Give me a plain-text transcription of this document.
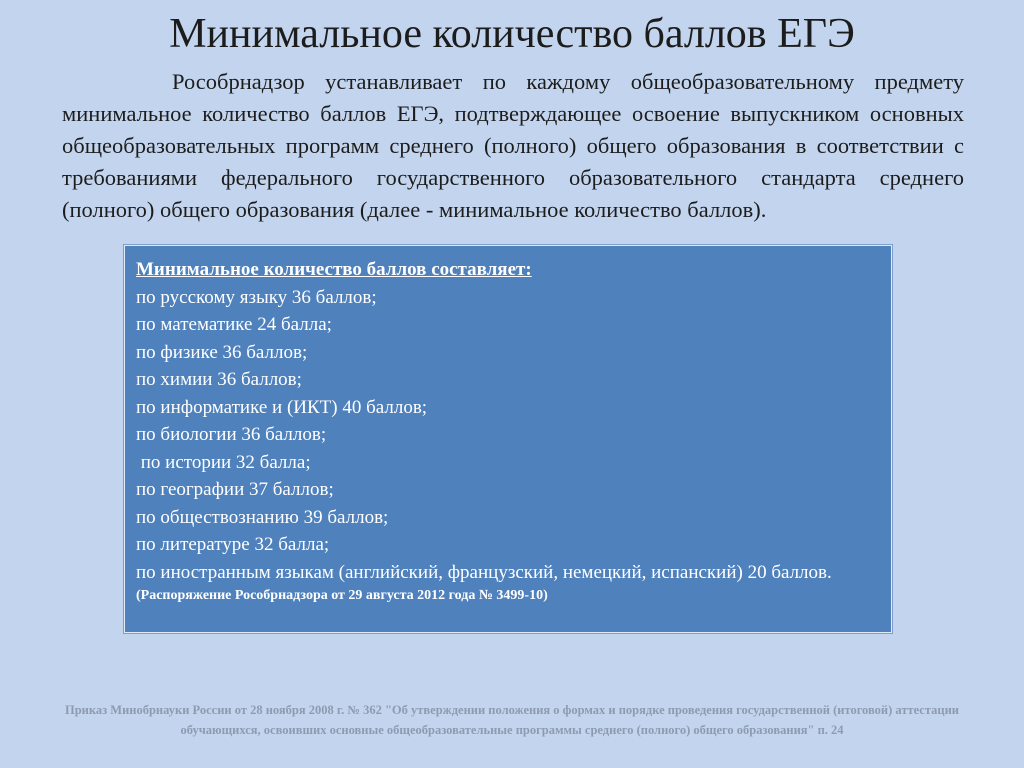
Минимальное количество баллов ЕГЭ

Рособрнадзор устанавливает по каждому общеобразовательному предмету минимальное количество баллов ЕГЭ, подтверждающее освоение выпускником основных общеобразовательных программ среднего (полного) общего образования в соответствии с требованиями федерального государственного образовательного стандарта среднего (полного) общего образования (далее - минимальное количество баллов).

Минимальное количество баллов составляет:

по русскому языку 36 баллов;
по математике 24 балла;
по физике 36 баллов;
по химии 36 баллов;
по информатике и (ИКТ) 40 баллов;
по биологии 36 баллов;
по истории 32 балла;
по географии 37 баллов;
по обществознанию 39 баллов;
по литературе 32 балла;
по иностранным языкам (английский, французский, немецкий, испанский) 20 баллов.

(Распоряжение Рособрнадзора от 29 августа 2012 года № 3499-10)

Приказ Минобрнауки России от 28 ноября 2008 г. № 362 "Об утверждении положения о формах и порядке проведения государственной (итоговой) аттестации обучающихся, освоивших основные общеобразовательные программы среднего (полного) общего образования" п. 24
